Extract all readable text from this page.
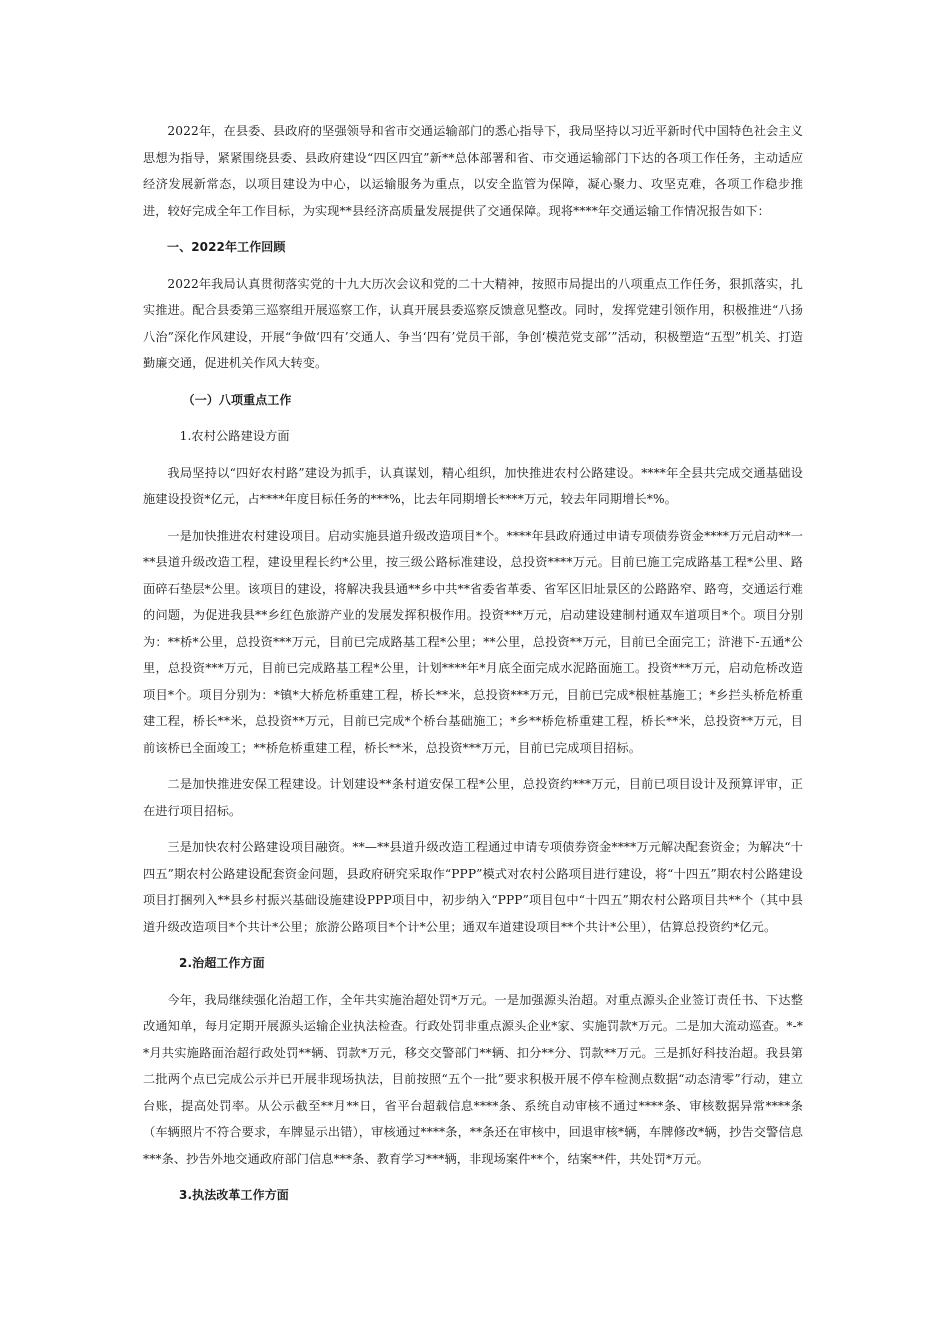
2022年，在县委、县政府的坚强领导和省市交通运输部门的悉心指导下，我局坚持以习近平新时代中国特色社会主义思想为指导，紧紧围绕县委、县政府建设“四区四宜”新**总体部署和省、市交通运输部门下达的各项工作任务，主动适应经济发展新常态，以项目建设为中心，以运输服务为重点，以安全监管为保障，凝心聚力、攻坚克难，各项工作稳步推进，较好完成全年工作目标，为实现**县经济高质量发展提供了交通保障。现将****年交通运输工作情况报告如下：

一、2022年工作回顾

2022年我局认真贯彻落实党的十九大历次会议和党的二十大精神，按照市局提出的八项重点工作任务，狠抓落实，扎实推进。配合县委第三巡察组开展巡察工作，认真开展县委巡察反馈意见整改。同时，发挥党建引领作用，积极推进“八扬八治”深化作风建设，开展“争做‘四有’交通人、争当‘四有’党员干部，争创‘模范党支部’”活动，积极塑造“五型”机关、打造勤廉交通，促进机关作风大转变。

（一）八项重点工作

1.农村公路建设方面

我局坚持以“四好农村路”建设为抓手，认真谋划，精心组织，加快推进农村公路建设。****年全县共完成交通基础设施建设投资*亿元，占****年度目标任务的***%，比去年同期增长****万元，较去年同期增长*%。

一是加快推进农村建设项目。启动实施县道升级改造项目*个。****年县政府通过申请专项债券资金****万元启动**一**县道升级改造工程，建设里程长约*公里，按三级公路标准建设，总投资****万元。目前已施工完成路基工程*公里、路面碎石垫层*公里。该项目的建设，将解决我县通**乡中共**省委省革委、省军区旧址景区的公路路窄、路弯，交通运行难的问题，为促进我县**乡红色旅游产业的发展发挥积极作用。投资***万元，启动建设建制村通双车道项目*个。项目分别为：**桥*公里，总投资***万元，目前已完成路基工程*公里；**公里，总投资**万元，目前已全面完工；浒港下-五通*公里，总投资***万元，目前已完成路基工程*公里，计划****年*月底全面完成水泥路面施工。投资***万元，启动危桥改造项目*个。项目分别为：*镇*大桥危桥重建工程，桥长**米，总投资***万元，目前已完成*根桩基施工；*乡拦头桥危桥重建工程，桥长**米，总投资**万元，目前已完成*个桥台基础施工；*乡**桥危桥重建工程，桥长**米，总投资**万元，目前该桥已全面竣工；**桥危桥重建工程，桥长**米，总投资***万元，目前已完成项目招标。

二是加快推进安保工程建设。计划建设**条村道安保工程*公里，总投资约***万元，目前已项目设计及预算评审，正在进行项目招标。

三是加快农村公路建设项目融资。**—**县道升级改造工程通过申请专项债券资金****万元解决配套资金；为解决“十四五”期农村公路建设配套资金问题，县政府研究采取作“PPP”模式对农村公路项目进行建设，将“十四五”期农村公路建设项目打捆列入**县乡村振兴基础设施建设PPP项目中，初步纳入“PPP”项目包中“十四五”期农村公路项目共**个（其中县道升级改造项目*个共计*公里；旅游公路项目*个计*公里；通双车道建设项目**个共计*公里），估算总投资约*亿元。

2.治超工作方面

今年，我局继续强化治超工作，全年共实施治超处罚*万元。一是加强源头治超。对重点源头企业签订责任书、下达整改通知单，每月定期开展源头运输企业执法检查。行政处罚非重点源头企业*家、实施罚款*万元。二是加大流动巡查。*-**月共实施路面治超行政处罚**辆、罚款*万元，移交交警部门**辆、扣分**分、罚款**万元。三是抓好科技治超。我县第二批两个点已完成公示并已开展非现场执法，目前按照“五个一批”要求积极开展不停车检测点数据“动态清零”行动，建立台账，提高处罚率。从公示截至**月**日，省平台超载信息****条、系统自动审核不通过****条、审核数据异常****条（车辆照片不符合要求，车牌显示出错），审核通过****条，**条还在审核中，回退审核*辆，车牌修改*辆，抄告交警信息***条、抄告外地交通政府部门信息***条、教育学习***辆，非现场案件**个，结案**件，共处罚*万元。

3.执法改革工作方面
